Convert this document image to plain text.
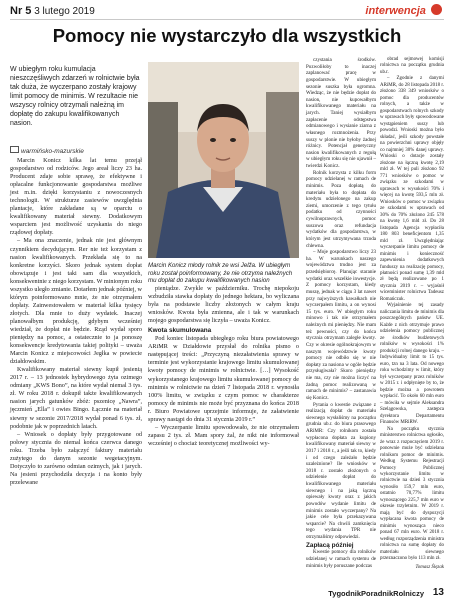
Nr 5 3 lutego 2019	interwencja
Pomocy nie wystarczyło dla wszystkich
W ubiegłym roku kumulacja nieszczęśliwych zdarzeń w rolnictwie była tak duża, że wyczerpano zostały krajowy limit pomocy de minimis. W rezultacie nie wszyscy rolnicy otrzymali należną im dopłatę do zakupu kwalifikowanych nasion.
warmińsko-mazurskie

Marcin Konicz kilka lat temu przejął gospodarstwo od rodziców. Jego areał liczy 23 ha. Producent zdaje sobie sprawę, że efektywne i opłacalne funkcjonowanie gospodarstwa możliwe jest m.in. dzięki korzystaniu z nowoczesnych technologii. W strukturze zasiewów uwzględnia plantacje, które zakładane są w oparciu o kwalifikowany materiał siewny. Dodatkowym wsparciem jest możliwość uzyskania do niego rządowej dopłaty.

– Ma ona znaczenie, jednak nie jest głównym czynnikiem decydującym. Rer nie też korzystam z nasion kwalifikowanych. Przekłada się to na konkretne korzyści. Skoro jednak system dopłat obowiązuje i jest taki sam dla wszystkich, konsekwentnie z niego korzystam. W minionym roku wszystko uległo zmianie. Dotarłem jednak później, w którym poinformowano mnie, że nie otrzymałem dopłaty. Zainwestowałem w materiał kilka tysięcy złotych. Dla mnie to duży wydatek. Inaczej planowałbym produkcję, gdybym wcześniej wiedział, że dopłat nie będzie. Rząd wydał sporo pieniędzy na pomoc, a ostatecznie to ja ponoszę konsekwencje kredytowania takiej polityki – uważa Marcin Konicz z miejscowości Jegłka w powiecie działdowskim.

Kwalifikowany materiał siewny kupił jesienią 2017 r. – 13 jednostek hybrydowego żyta ozimego odmiany „KWS Bono”, na które wydał niemal 3 tys. zł. W roku 2018 r. dokupił także kwalifikowanych nasion jarych gatunków zbóż: pszenicę „Nawra”, jęczmień „Ella” i owies Bingo. Łącznie na materiał siewny w sezonie 2017/2018 wydał ponad 6 tys. zł, podobnie jak w poprzednich latach.

– Wniosek o dopłaty były przygotowane od połowy stycznia do niemal końca czerwca danego roku. Trzeba było załączyć faktury materiału zużytego do danym sezonie wegetacyjnym. Dotyczyło to zarówno odmian ozimych, jak i jarych. Na jesieni przychodziła decyzja i na konto były przelewane

Marcin Konicz młody rolnik ze wsi Jelža. W ubiegłym roku został poinformowany, że nie otrzyma należnych mu dopłat do zakupu kwalifikowanych nasion

pieniądze. Zwykle w październiku. Trochę niepokoju wzbudziła stawka dopłaty do jednego hektara, bo wyliczana była na podstawie liczby złożonych w całym kraju wniosków. Kwota była zmienna, ale i tak w warunkach mojego gospodarstwa się liczyła – uważa Konicz.

Kwota skumulowana

Pod koniec listopada ubiegłego roku biura powiatowego ARiMR w Działdowie przysłał do rolnika pismo o następującej treści: „Przyczyną niezałatwienia sprawy w terminie jest wykorzystanie krajowego limitu skumulowanej kwoty pomocy de minimis w rolnictwie. […] Wysokość wykorzystanego krajowego limitu skumulowanej pomocy de minimis w rolnictwie na dzień 7 listopada 2018 r. wynosiła 100% limitu, w związku z czym pomoc w charakterze pomocy de minimis nie może być przyznana do końca 2018 r. Biuro Powiatowe uprzejmie informuje, że załatwienie sprawy nastąpi do dnia 31 stycznia 2019 r.”

– Wyczerpanie limitu spowodowało, że nie otrzymałem zapasu 2 tys. zł. Mam spory żal, że nikt nie informował wcześniej o chociaż teoretycznej możliwości wy-

TygodnikPoradnikRolniczy 13

czystania środków. Pozwoliłoby to inaczej zaplanować pracę w gospodarstwie. W ubiegłym sezonie suszka była ogromna. Wiedząc, że nie będzie dopłat do nasion, nie kupowałbym kwalifikowanego materiału na jarych. Taniej wysiałbym zapłacenie odstępstwa odmianowego i wysianie ziarna z własnego rozmnożenia. Przy suszy w plonie nie byłoby żadnej różnicy. Potencjał genetyczny nasion kwalifikowanych z regułą w ubiegłym roku się nie ujawnił – twierdzi Konicz.

Rolnik korzysta z kilku form pomocy udzielanej w ramach de minimis. Poza dopłatą do materiału była to dopłata do kredytu udzielonego na zakup ziemi, umorzenie z tego tytułu podatku od czynności cywilnoprawnych, pomoc suszowa oraz refundacja wydatków dla gospodarstwa, w którym jest utrzymywana trzoda chlewna.

– Moje gospodarstwo liczy 23 ha. W warunkach naszego województwa trudno jest za przedsiębiorcę. Planując staranie wydatki oraz wszelkie inwestycje. Z pomocy korzystam, kiedy muszę, jednak w ciągu 3 lat nawet przy najwyższych kawałkach nie wyczerpałem limitu, a on wynosi 15 tys. euro. W ubiegłym roku minowo i tak nie otrzymałem należnych mi pieniędzy. Nie mam też pewności, czy do końca stycznia otrzymam zaległe kwoty. Czy w okresie ogólnokrajowym w naszym województwie kwoty pomocy nie odbiło się w nie dopłaty za nasiona w ogóle będzie przysługiwała? Skoro pieniędzy nie ma, czy nie można liczyć na żadną pomoc realizowaną w ramach de minimis? – zastanawia się Konicz.

Pytania o kwestie związane z realizacją dopłat do materiału siewnego wysłaliśmy na początku grudnia ub.r. do biura prasowego ARiMR: Czy rolnikom została wypłacona dopłata za kupiony kwalifikowany materiał siewny w 2017 i 2018 r., a jeśli tak to, kiedy i od czego zależało będzie uzależnione? Ile wniosków w 2018 r. zostało złożonych o udzielenie dopłat do kwalifikowanego materiału siewnego i na jaką łączną opiewały kwoty oraz z jakich powodów wydanie limitu de minimis zostało wyczerpany? Na jakie cele była przekazywana wsparcie? Na chwili zamknięcia tego wydania TPR nie otrzymaliśmy odpowiedzi.

Zapłacą później

Kwestie pomocy dla rolników udzielanej w ramach systemu de minimis były poruszane podczas

obrad sejmowej komisji rolnictwa na początku grudnia ub.r.

– Zgodnie z danymi ARiMR, do 28 listopada 2018 r. złożono 338 349 wniosków o pomoc dla producentów rolnych, a także w gospodarstwach rolnych szkody w uprawach były spowodowane wystąpieniem suszy lub powodzi. Wnioski można było składać, jeśli szkody powstałe na powierzchni uprawy objęły co najmniej 30% danej uprawy. Wnioski o dotacje zostały złożone na łączną kwotę 2,19 mld zł. W tej puli złożono 92 771 wniosków o pomoc w związku ze szkodami w uprawach w wysokości 70% i więcej na kwotę 593,5 mln zł. Wniosków o pomoc w związku ze szkodami w uprawach od 30% do 70% złożono 245 578 na kwotę 1,6 mld zł. Do 28 listopada Agencja wypłaciła 180 803 beneficjentom 1,35 mld zł. Uwzględniając wyczerpanie limitu pomocy de minimis i konieczność zapewnienia dodatkowych funduszy na realizację pomocy, płatności ponad sumę 1,39 mld zł będą realizowane po 1 stycznia 2019 r. – wyjaśnił wiceminister rolnictwa Tadeusz Romańczuk.

Wyjaśnienie tej zasady naliczania limitu de minimis dla poszczególnych państw UE. Każde z nich otrzymuje prawo udzielenia pomocy publicznej ze środków budżetowych rolników w wysokości 1% produkcji rolnej danego kraju. – Indywidualny limit to 15 tys. euro, tzn na 3 lata. Od nowego roku wchodzimy w limit, który był wyczerpany przez rolników w 2015 r. i odpłynięte by to, że będzie można a powrotem wypłacić. To około 60 mln euro – mówiła w sejmie Aleksandra Szelągowska, zastępca dyrektora Departamentu Finansów MRiRW.

Na początku stycznia ministerstwo rolnictwa ogłosiło, że wraz z rozpoczęciem 2019 r. ponownie może być udzielana rolnikom pomoc de minimis. Według Systemu Rejestracji Pomocy Publicznej wykorzystanie limitu w rolnictwie na dzień 3 stycznia wynosiło 159,7 mln euro, ostatnio 70,77% limitu wynoszącego 225,7 mln euro w okresie trzyletnim. W 2019 r. mają być do dyspozycji wypłacana kwota pomocy de minimis wynosząca nieco ponad 67 mln euro. W 2018 r. według rozporządzenia ministra rolnictwa na sumę dopłaty do materiału siewnego przeznaczono było 113 mln zł.

Tomasz Ślęzak
